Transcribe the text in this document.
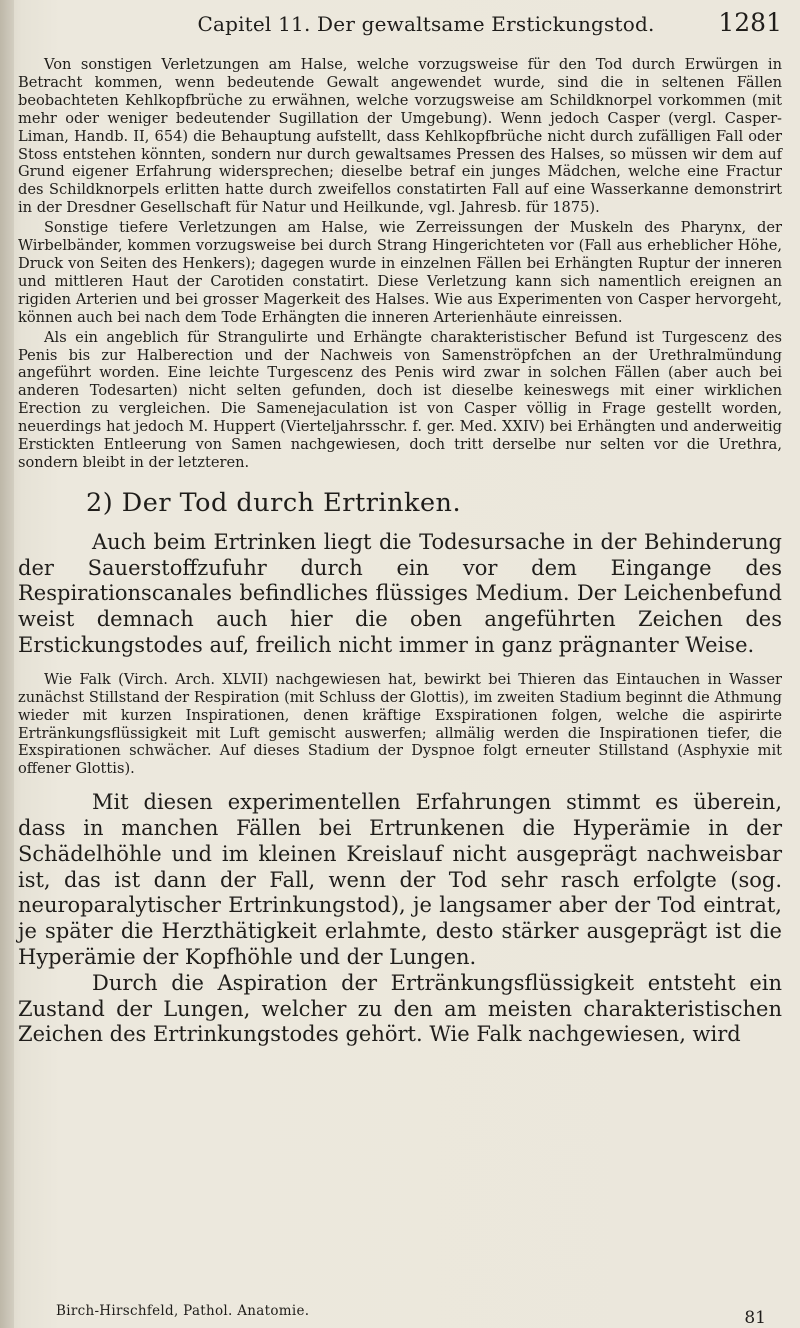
Capitel 11. Der gewaltsame Erstickungstod.	1281

Von sonstigen Verletzungen am Halse, welche vorzugsweise für den Tod durch Erwürgen in Betracht kommen, wenn bedeutende Gewalt angewendet wurde, sind die in seltenen Fällen beobachteten Kehlkopfbrüche zu erwähnen, welche vorzugsweise am Schildknorpel vorkommen (mit mehr oder weniger bedeutender Sugillation der Umgebung). Wenn jedoch Casper (vergl. Casper-Liman, Handb. II, 654) die Behauptung aufstellt, dass Kehlkopfbrüche nicht durch zufälligen Fall oder Stoss entstehen könnten, sondern nur durch gewaltsames Pressen des Halses, so müssen wir dem auf Grund eigener Erfahrung widersprechen; dieselbe betraf ein junges Mädchen, welche eine Fractur des Schildknorpels erlitten hatte durch zweifellos constatirten Fall auf eine Wasserkanne demonstrirt in der Dresdner Gesellschaft für Natur und Heilkunde, vgl. Jahresb. für 1875).

Sonstige tiefere Verletzungen am Halse, wie Zerreissungen der Muskeln des Pharynx, der Wirbelbänder, kommen vorzugsweise bei durch Strang Hingerichteten vor (Fall aus erheblicher Höhe, Druck von Seiten des Henkers); dagegen wurde in einzelnen Fällen bei Erhängten Ruptur der inneren und mittleren Haut der Carotiden constatirt. Diese Verletzung kann sich namentlich ereignen an rigiden Arterien und bei grosser Magerkeit des Halses. Wie aus Experimenten von Casper hervorgeht, können auch bei nach dem Tode Erhängten die inneren Arterienhäute einreissen.

Als ein angeblich für Strangulirte und Erhängte charakteristischer Befund ist Turgescenz des Penis bis zur Halberection und der Nachweis von Samenströpfchen an der Urethralmündung angeführt worden. Eine leichte Turgescenz des Penis wird zwar in solchen Fällen (aber auch bei anderen Todesarten) nicht selten gefunden, doch ist dieselbe keineswegs mit einer wirklichen Erection zu vergleichen. Die Samenejaculation ist von Casper völlig in Frage gestellt worden, neuerdings hat jedoch M. Huppert (Vierteljahrsschr. f. ger. Med. XXIV) bei Erhängten und anderweitig Erstickten Entleerung von Samen nachgewiesen, doch tritt derselbe nur selten vor die Urethra, sondern bleibt in der letzteren.

2) Der Tod durch Ertrinken.

Auch beim Ertrinken liegt die Todesursache in der Behinderung der Sauerstoffzufuhr durch ein vor dem Eingange des Respirationscanales befindliches flüssiges Medium. Der Leichenbefund weist demnach auch hier die oben angeführten Zeichen des Erstickungstodes auf, freilich nicht immer in ganz prägnanter Weise.

Wie Falk (Virch. Arch. XLVII) nachgewiesen hat, bewirkt bei Thieren das Eintauchen in Wasser zunächst Stillstand der Respiration (mit Schluss der Glottis), im zweiten Stadium beginnt die Athmung wieder mit kurzen Inspirationen, denen kräftige Exspirationen folgen, welche die aspirirte Ertränkungsflüssigkeit mit Luft gemischt auswerfen; allmälig werden die Inspirationen tiefer, die Exspirationen schwächer. Auf dieses Stadium der Dyspnoe folgt erneuter Stillstand (Asphyxie mit offener Glottis).

Mit diesen experimentellen Erfahrungen stimmt es überein, dass in manchen Fällen bei Ertrunkenen die Hyperämie in der Schädelhöhle und im kleinen Kreislauf nicht ausgeprägt nachweisbar ist, das ist dann der Fall, wenn der Tod sehr rasch erfolgte (sog. neuroparalytischer Ertrinkungstod), je langsamer aber der Tod eintrat, je später die Herzthätigkeit erlahmte, desto stärker ausgeprägt ist die Hyperämie der Kopfhöhle und der Lungen.

Durch die Aspiration der Ertränkungsflüssigkeit entsteht ein Zustand der Lungen, welcher zu den am meisten charakteristischen Zeichen des Ertrinkungstodes gehört. Wie Falk nachgewiesen, wird

Birch-Hirschfeld, Pathol. Anatomie.	81
